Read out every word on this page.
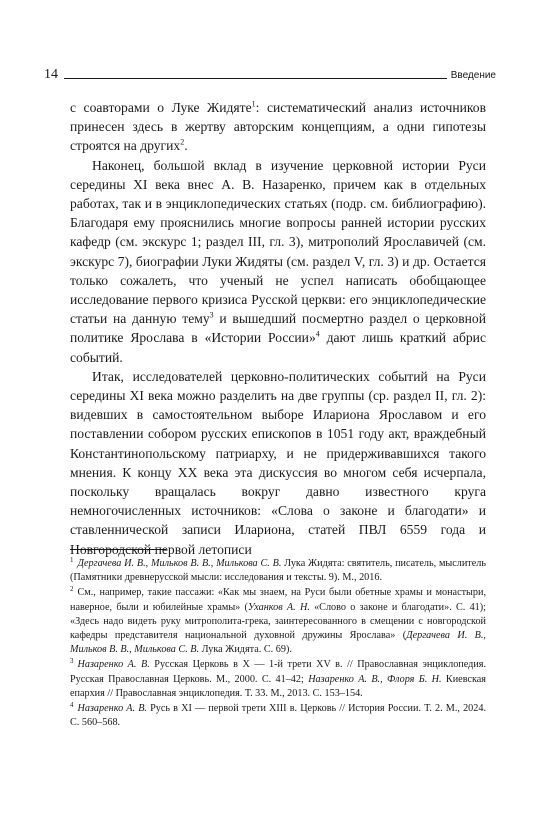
14	Введение

с соавторами о Луке Жидяте$^1$: систематический анализ источников принесен здесь в жертву авторским концепциям, а одни гипотезы строятся на других$^2$.

Наконец, большой вклад в изучение церковной истории Руси середины XI века внес А. В. Назаренко, причем как в отдельных работах, так и в энциклопедических статьях (подр. см. библиографию). Благодаря ему прояснились многие вопросы ранней истории русских кафедр (см. экскурс 1; раздел III, гл. 3), митрополий Ярославичей (см. экскурс 7), биографии Луки Жидяты (см. раздел V, гл. 3) и др. Остается только сожалеть, что ученый не успел написать обобщающее исследование первого кризиса Русской церкви: его энциклопедические статьи на данную тему$^3$ и вышедший посмертно раздел о церковной политике Ярослава в «Истории России»$^4$ дают лишь краткий абрис событий.

Итак, исследователей церковно-политических событий на Руси середины XI века можно разделить на две группы (ср. раздел II, гл. 2): видевших в самостоятельном выборе Илариона Ярославом и его поставлении собором русских епископов в 1051 году акт, враждебный Константинопольскому патриарху, и не придерживавшихся такого мнения. К концу XX века эта дискуссия во многом себя исчерпала, поскольку вращалась вокруг давно известного круга немногочисленных источников: «Слова о законе и благодати» и ставленнической записи Илариона, статей ПВЛ 6559 года и Новгородской первой летописи

$^1$ Дергачева И. В., Мильков В. В., Милькова С. В. Лука Жидята: святитель, писатель, мыслитель (Памятники древнерусской мысли: исследования и тексты. 9). М., 2016.

$^2$ См., например, такие пассажи: «Как мы знаем, на Руси были обетные храмы и монастыри, наверное, были и юбилейные храмы» (Уханков А. Н. «Слово о законе и благодати». С. 41); «Здесь надо видеть руку митрополита-грека, заинтересованного в смещении с новгородской кафедры представителя национальной духовной дружины Ярослава» (Дергачева И. В., Мильков В. В., Милькова С. В. Лука Жидята. С. 69).

$^3$ Назаренко А. В. Русская Церковь в X — 1-й трети XV в. // Православная энциклопедия. Русская Православная Церковь. М., 2000. С. 41–42; Назаренко А. В., Флоря Б. Н. Киевская епархия // Православная энциклопедия. Т. 33. М., 2013. С. 153–154.

$^4$ Назаренко А. В. Русь в XI — первой трети XIII в. Церковь // История России. Т. 2. М., 2024. С. 560–568.
